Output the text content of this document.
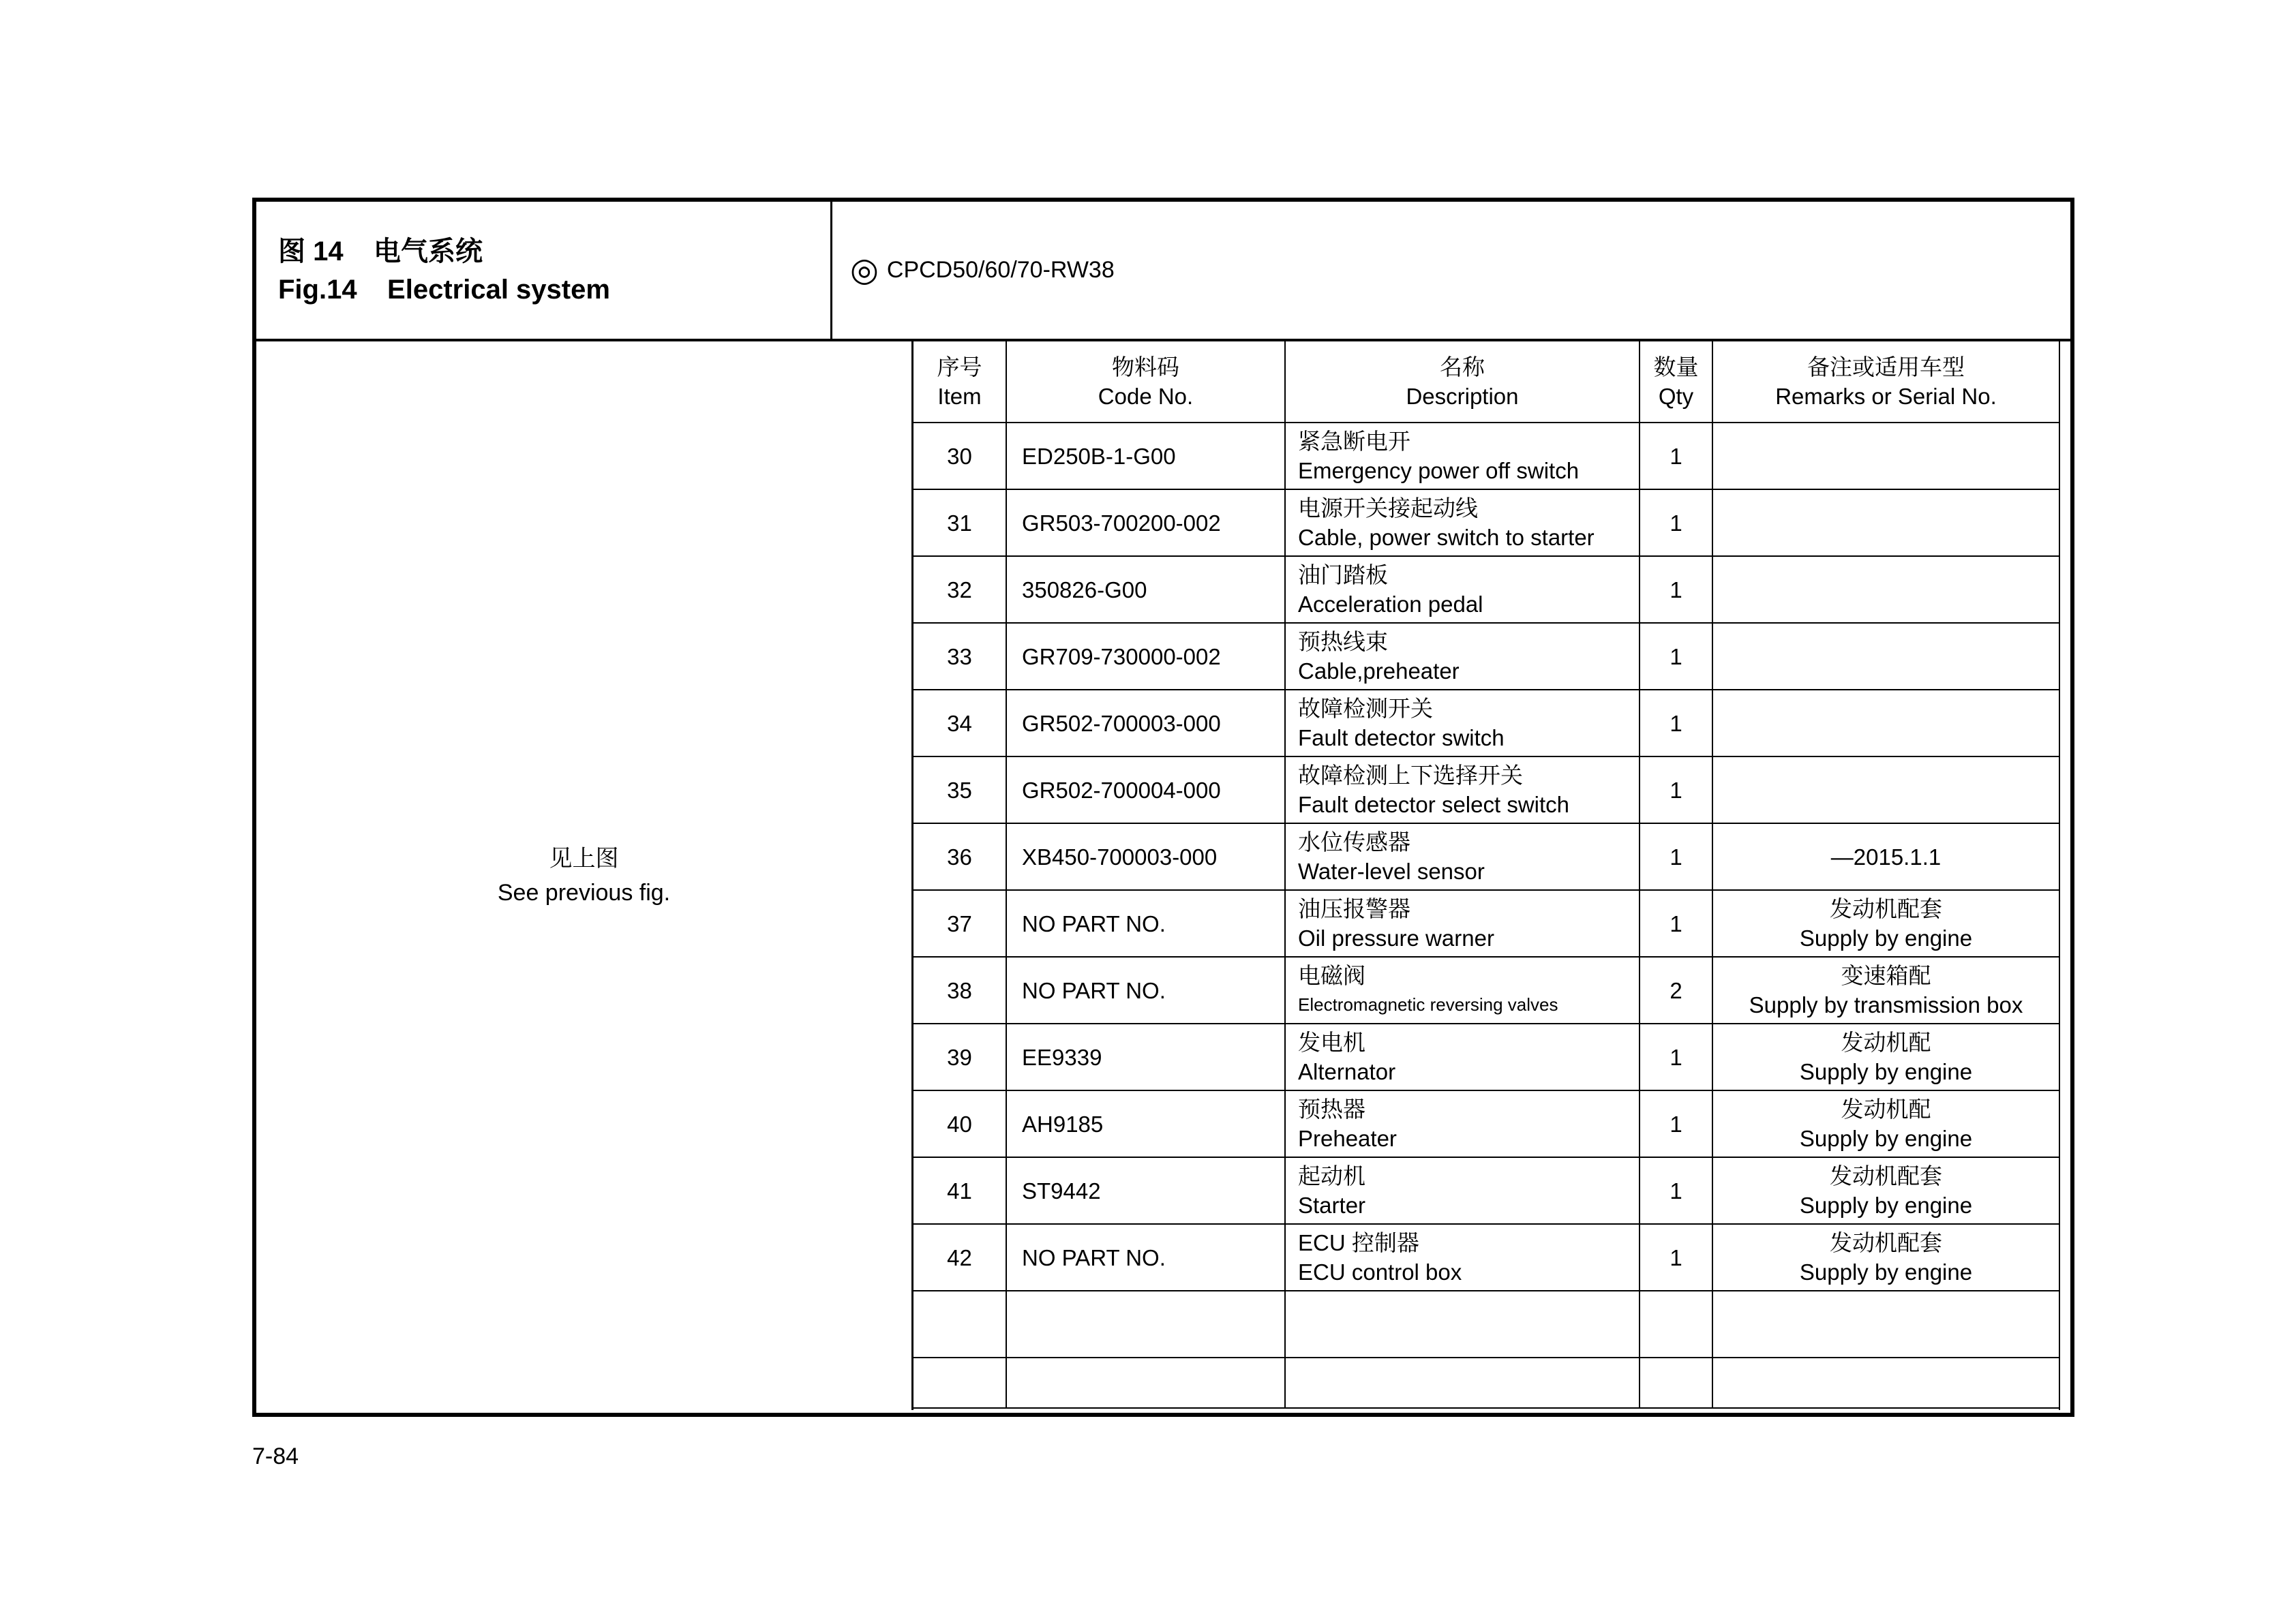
图 14    电气系统
Fig.14    Electrical system
◎ CPCD50/60/70-RW38
见上图
See previous fig.
序号
Item
物料码
Code No.
名称
Description
数量
Qty
备注或适用车型
Remarks or Serial No.
30 ED250B-1-G00
紧急断电开
Emergency power off switch
1
31 GR503-700200-002
电源开关接起动线
Cable, power switch to starter
1
32 350826-G00
油门踏板
Acceleration pedal
1
33 GR709-730000-002
预热线束
Cable,preheater
1
34 GR502-700003-000
故障检测开关
Fault detector switch
1
35 GR502-700004-000
故障检测上下选择开关
Fault detector select switch
1
36 XB450-700003-000
水位传感器
Water-level sensor
1	—2015.1.1
37 NO PART NO.
油压报警器
Oil pressure warner
1
发动机配套
Supply by engine
38 NO PART NO.
电磁阀
Electromagnetic reversing valves
2
变速箱配
Supply by transmission box
39 EE9339
发电机
Alternator
1
发动机配
Supply by engine
40 AH9185
预热器
Preheater
1
发动机配
Supply by engine
41 ST9442
起动机
Starter
1
发动机配套
Supply by engine
42 NO PART NO.
ECU 控制器
ECU control box
1
发动机配套
Supply by engine
7-84
